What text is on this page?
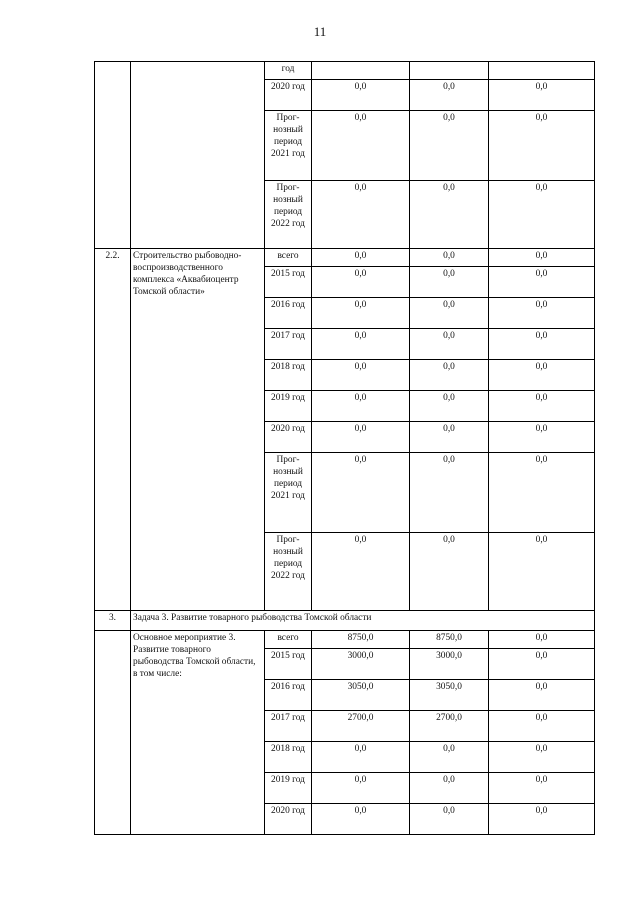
11
		год			
		2020 год	0,0	0,0	0,0
		Прог-нозный период 2021 год	0,0	0,0	0,0
		Прог-нозный период 2022 год	0,0	0,0	0,0
2.2.	Строительство рыбоводно-воспроизводственного комплекса «Аквабиоцентр Томской области»	всего	0,0	0,0	0,0
		2015 год	0,0	0,0	0,0
		2016 год	0,0	0,0	0,0
		2017 год	0,0	0,0	0,0
		2018 год	0,0	0,0	0,0
		2019 год	0,0	0,0	0,0
		2020 год	0,0	0,0	0,0
		Прог-нозный период 2021 год	0,0	0,0	0,0
		Прог-нозный период 2022 год	0,0	0,0	0,0
3.	Задача 3. Развитие товарного рыбоводства Томской области				
	Основное мероприятие 3. Развитие товарного рыбоводства Томской области, в том числе:	всего	8750,0	8750,0	0,0
		2015 год	3000,0	3000,0	0,0
		2016 год	3050,0	3050,0	0,0
		2017 год	2700,0	2700,0	0,0
		2018 год	0,0	0,0	0,0
		2019 год	0,0	0,0	0,0
		2020 год	0,0	0,0	0,0
